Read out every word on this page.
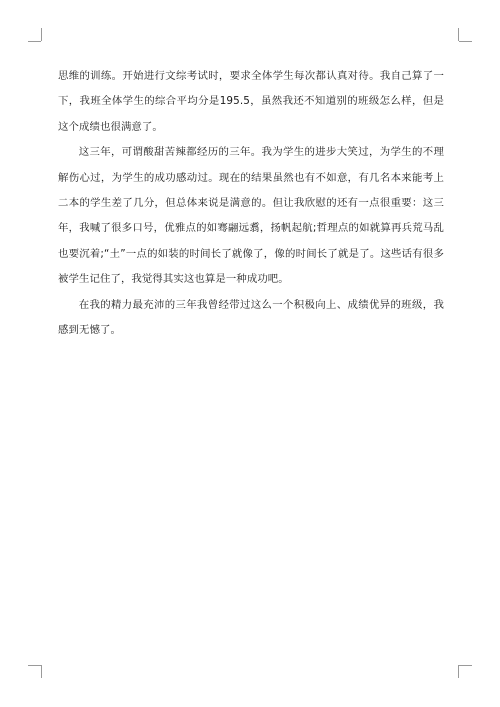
思维的训练。开始进行文综考试时，要求全体学生每次都认真对待。我自己算了一下，我班全体学生的综合平均分是195.5，虽然我还不知道别的班级怎么样，但是这个成绩也很满意了。

这三年，可谓酸甜苦辣都经历的三年。我为学生的进步大笑过，为学生的不理解伤心过，为学生的成功感动过。现在的结果虽然也有不如意，有几名本来能考上二本的学生差了几分，但总体来说是满意的。但让我欣慰的还有一点很重要：这三年，我喊了很多口号，优雅点的如骞翮远翥，扬帆起航;哲理点的如就算再兵荒马乱也要沉着;“土”一点的如装的时间长了就像了，像的时间长了就是了。这些话有很多被学生记住了，我觉得其实这也算是一种成功吧。

在我的精力最充沛的三年我曾经带过这么一个积极向上、成绩优异的班级，我感到无憾了。
